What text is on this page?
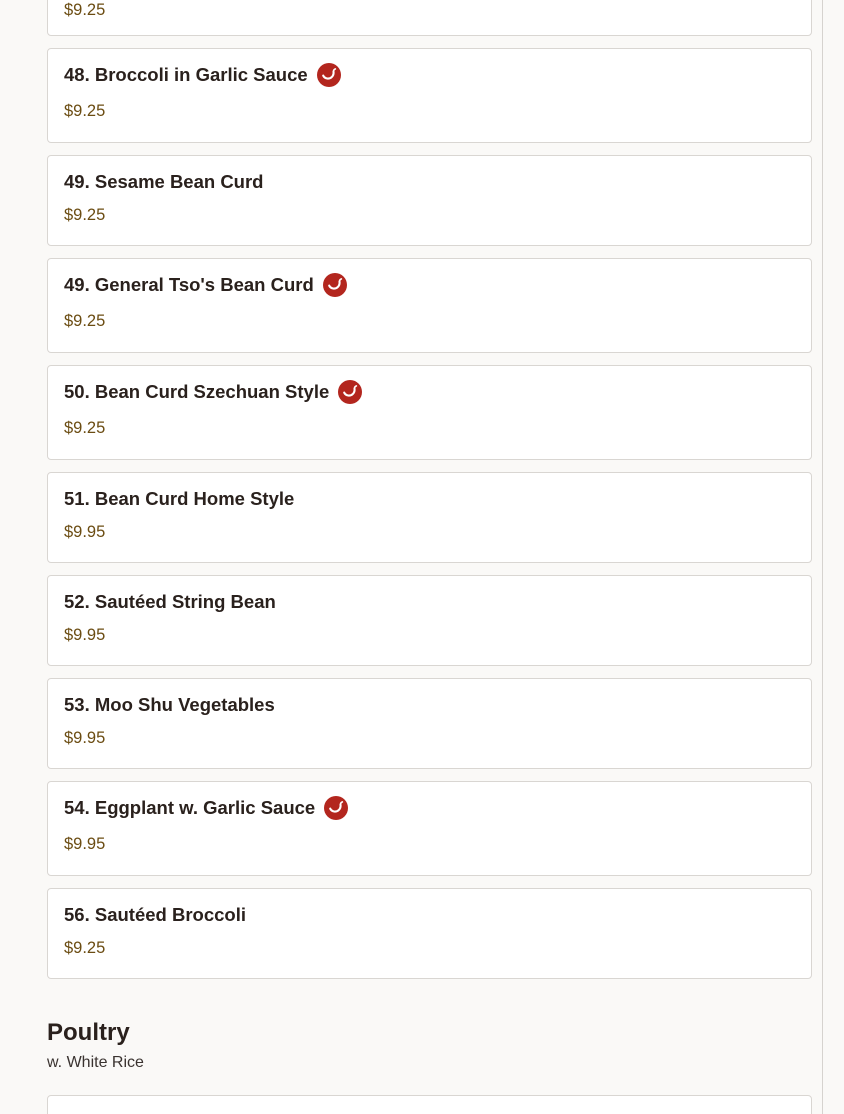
$9.25
48. Broccoli in Garlic Sauce
$9.25
49. Sesame Bean Curd
$9.25
49. General Tso's Bean Curd
$9.25
50. Bean Curd Szechuan Style
$9.25
51. Bean Curd Home Style
$9.95
52. Sautéed String Bean
$9.95
53. Moo Shu Vegetables
$9.95
54. Eggplant w. Garlic Sauce
$9.95
56. Sautéed Broccoli
$9.25
Poultry
w. White Rice
